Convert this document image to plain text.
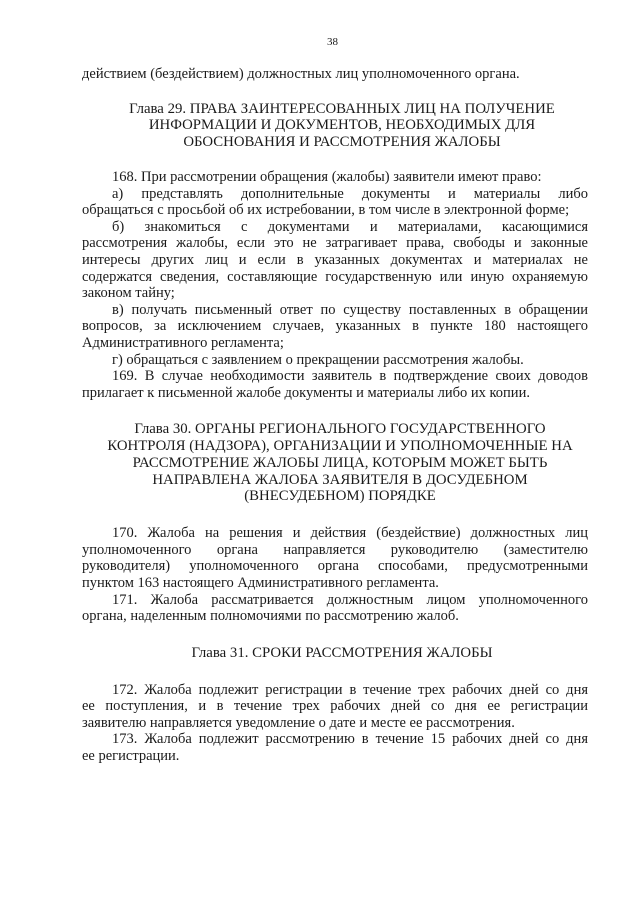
38
действием (бездействием) должностных лиц уполномоченного органа.
Глава 29. ПРАВА ЗАИНТЕРЕСОВАННЫХ ЛИЦ НА ПОЛУЧЕНИЕ
ИНФОРМАЦИИ И ДОКУМЕНТОВ, НЕОБХОДИМЫХ ДЛЯ
ОБОСНОВАНИЯ И РАССМОТРЕНИЯ ЖАЛОБЫ
168. При рассмотрении обращения (жалобы) заявители имеют право:
а) представлять дополнительные документы и материалы либо
обращаться с просьбой об их истребовании, в том числе в электронной форме;
б) знакомиться с документами и материалами, касающимися
рассмотрения жалобы, если это не затрагивает права, свободы и законные
интересы других лиц и если в указанных документах и материалах не
содержатся сведения, составляющие государственную или иную охраняемую
законом тайну;
в) получать письменный ответ по существу поставленных в обращении
вопросов, за исключением случаев, указанных в пункте 180 настоящего
Административного регламента;
г) обращаться с заявлением о прекращении рассмотрения жалобы.
169. В случае необходимости заявитель в подтверждение своих доводов
прилагает к письменной жалобе документы и материалы либо их копии.
Глава 30. ОРГАНЫ РЕГИОНАЛЬНОГО ГОСУДАРСТВЕННОГО
КОНТРОЛЯ (НАДЗОРА), ОРГАНИЗАЦИИ И УПОЛНОМОЧЕННЫЕ НА
РАССМОТРЕНИЕ ЖАЛОБЫ ЛИЦА, КОТОРЫМ МОЖЕТ БЫТЬ
НАПРАВЛЕНА ЖАЛОБА ЗАЯВИТЕЛЯ В ДОСУДЕБНОМ
(ВНЕСУДЕБНОМ) ПОРЯДКЕ
170. Жалоба на решения и действия (бездействие) должностных лиц
уполномоченного органа направляется руководителю (заместителю
руководителя) уполномоченного органа способами, предусмотренными
пунктом 163 настоящего Административного регламента.
171. Жалоба рассматривается должностным лицом уполномоченного
органа, наделенным полномочиями по рассмотрению жалоб.
Глава 31. СРОКИ РАССМОТРЕНИЯ ЖАЛОБЫ
172. Жалоба подлежит регистрации в течение трех рабочих дней со дня
ее поступления, и в течение трех рабочих дней со дня ее регистрации
заявителю направляется уведомление о дате и месте ее рассмотрения.
173. Жалоба подлежит рассмотрению в течение 15 рабочих дней со дня
ее регистрации.
